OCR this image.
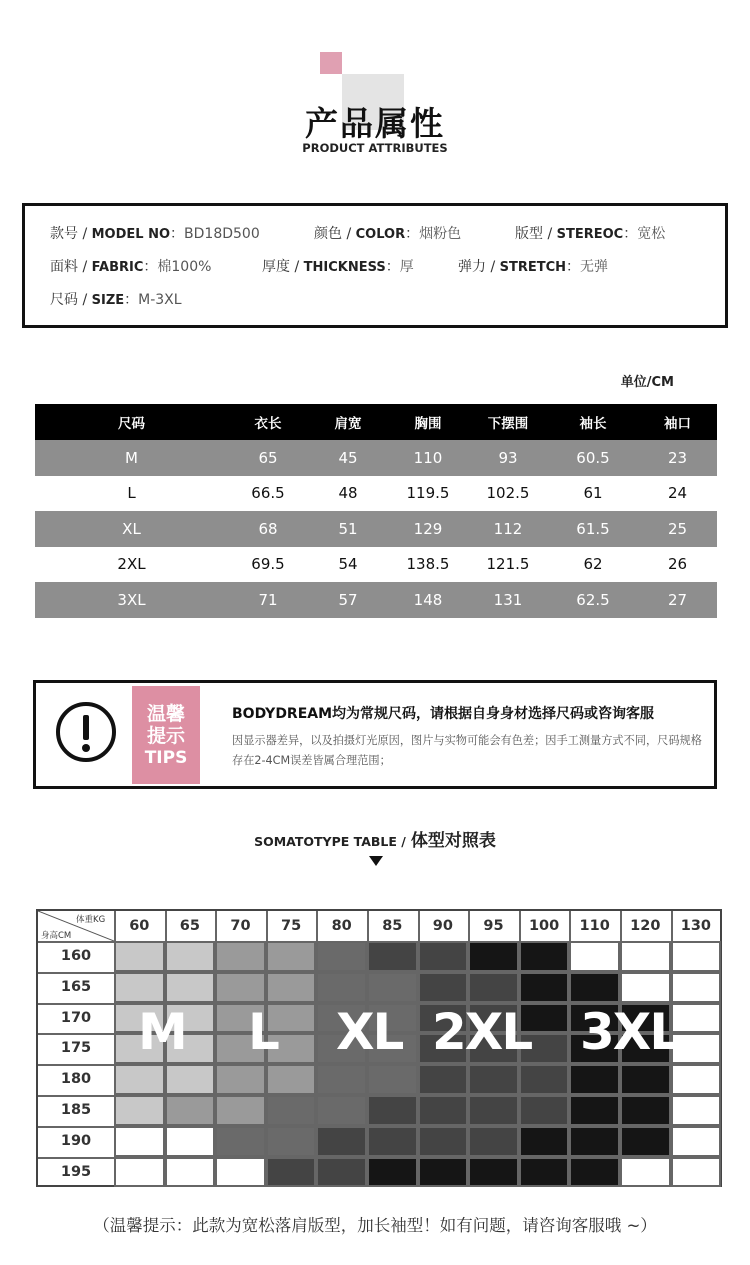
产品属性
PRODUCT ATTRIBUTES
款号 / MODEL NO：BD18D500	颜色 / COLOR：烟粉色	版型 / STEREOC：宽松
面料 / FABRIC：棉100%	厚度 / THICKNESS：厚	弹力 / STRETCH：无弹
尺码 / SIZE：M-3XL
单位/CM
尺码	衣长	肩宽	胸围	下摆围	袖长	袖口
M	65	45	110	93	60.5	23
L	66.5	48	119.5	102.5	61	24
XL	68	51	129	112	61.5	25
2XL	69.5	54	138.5	121.5	62	26
3XL	71	57	148	131	62.5	27
温馨
提示
TIPS
BODYDREAM均为常规尺码，请根据自身身材选择尺码或咨询客服
因显示器差异，以及拍摄灯光原因，图片与实物可能会有色差；因手工测量方式不同，尺码规格存在2-4CM误差皆属合理范围；
SOMATOTYPE TABLE / 体型对照表
体重KG
身高CM
60	65	70	75	80	85	90	95	100	110	120	130
160
165
170
175
180
185
190
195
M L XL 2XL 3XL
（温馨提示：此款为宽松落肩版型，加长袖型！如有问题，请咨询客服哦 ~）
